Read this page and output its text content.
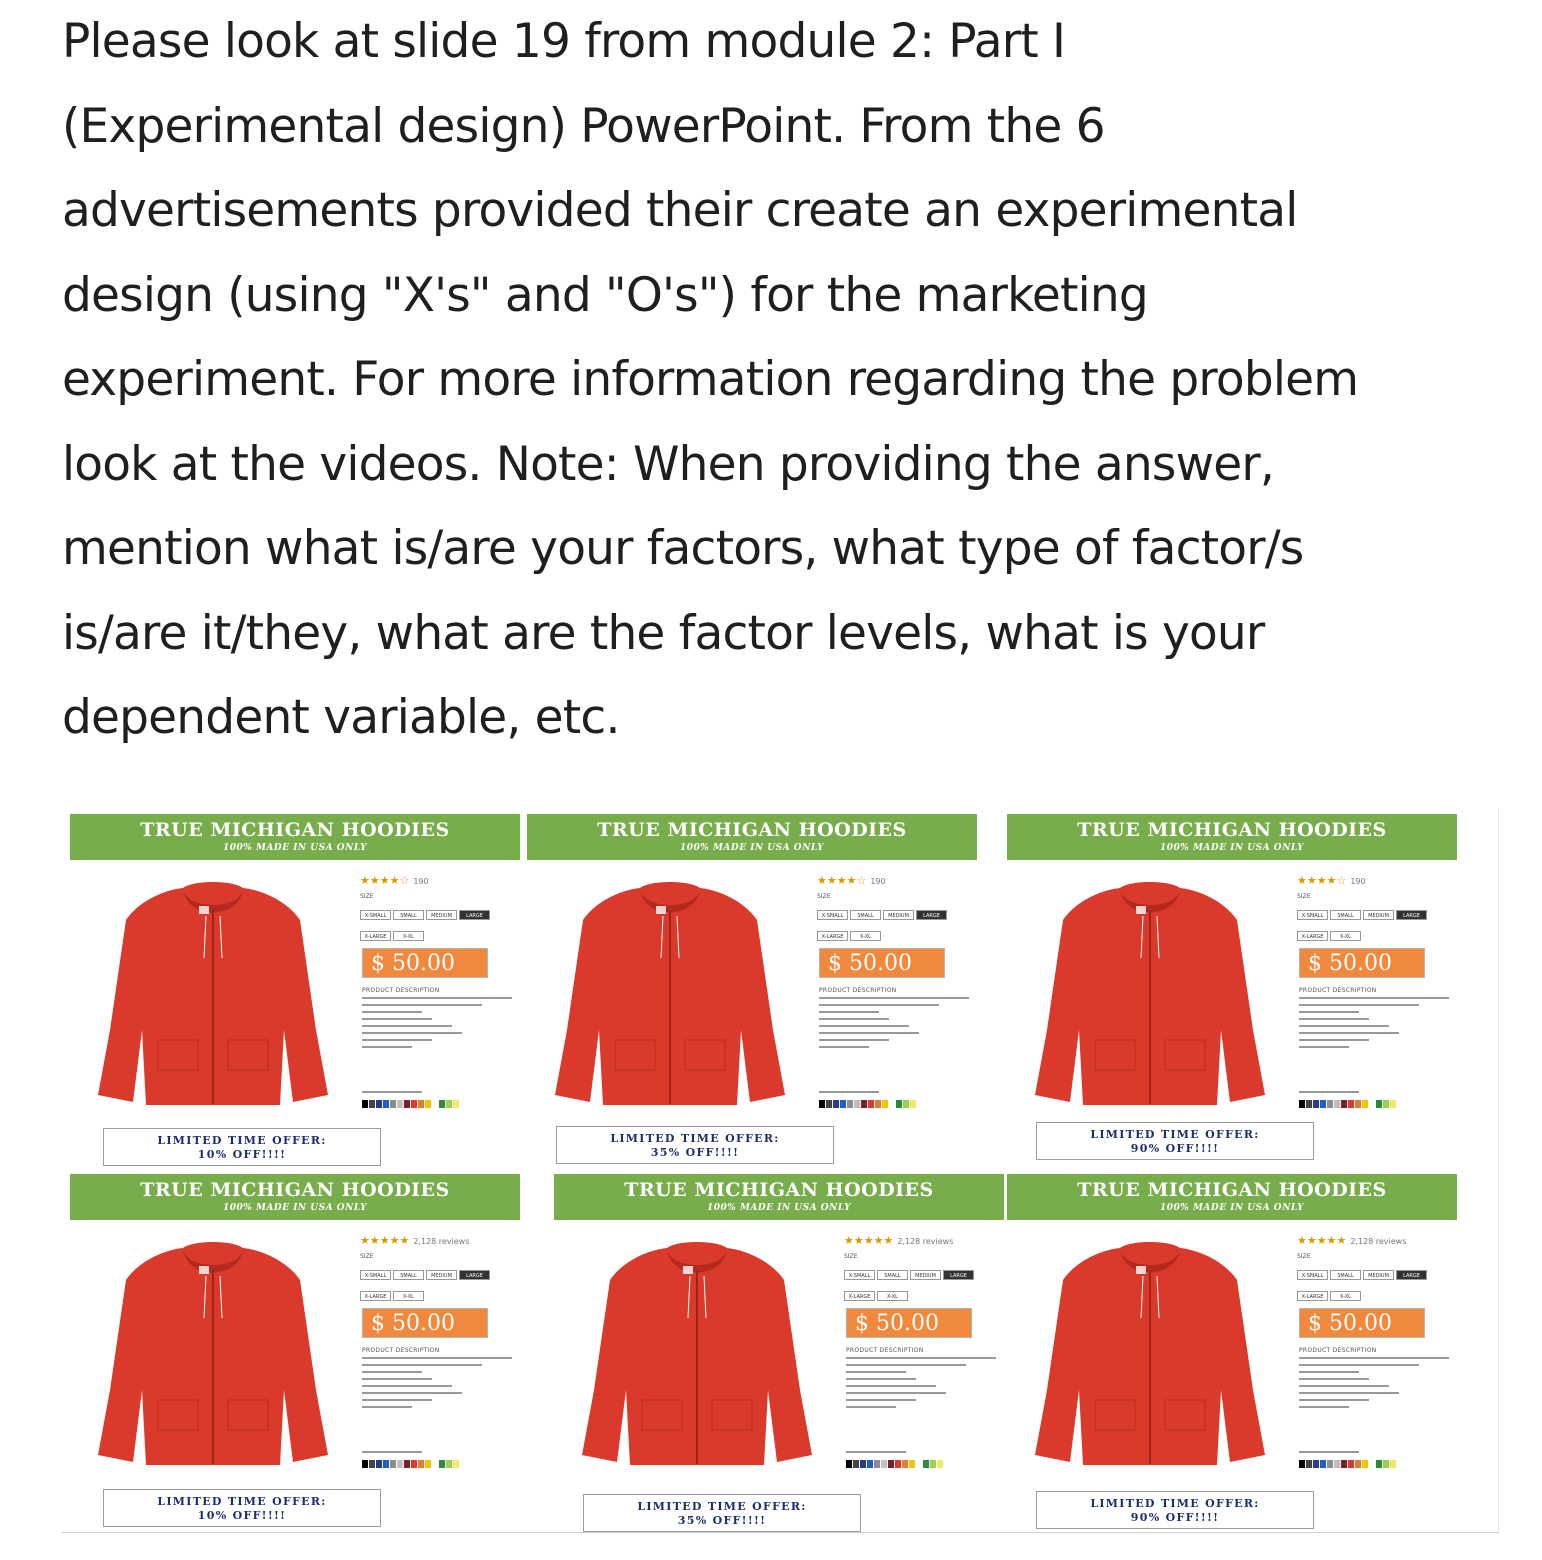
Please look at slide 19 from module 2: Part I
(Experimental design) PowerPoint. From the 6
advertisements provided their create an experimental
design (using "X's" and "O's") for the marketing
experiment. For more information regarding the problem
look at the videos. Note: When providing the answer,
mention what is/are your factors, what type of factor/s
is/are it/they, what are the factor levels, what is your
dependent variable, etc.
TRUE MICHIGAN HOODIES
100% MADE IN USA ONLY
★★★★☆ 190
SIZE
X-SMALL	SMALL	MEDIUM	LARGEX-LARGE	X-XL
$ 50.00
PRODUCT DESCRIPTION
LIMITED TIME OFFER:
10% OFF!!!!
TRUE MICHIGAN HOODIES
100% MADE IN USA ONLY
★★★★☆ 190
SIZE
X-SMALL	SMALL	MEDIUM	LARGEX-LARGE	X-XL
$ 50.00
PRODUCT DESCRIPTION
LIMITED TIME OFFER:
35% OFF!!!!
TRUE MICHIGAN HOODIES
100% MADE IN USA ONLY
★★★★☆ 190
SIZE
X-SMALL	SMALL	MEDIUM	LARGEX-LARGE	X-XL
$ 50.00
PRODUCT DESCRIPTION
LIMITED TIME OFFER:
90% OFF!!!!
TRUE MICHIGAN HOODIES
100% MADE IN USA ONLY
★★★★★ 2,128 reviews
SIZE
X-SMALL	SMALL	MEDIUM	LARGEX-LARGE	X-XL
$ 50.00
PRODUCT DESCRIPTION
LIMITED TIME OFFER:
10% OFF!!!!
TRUE MICHIGAN HOODIES
100% MADE IN USA ONLY
★★★★★ 2,128 reviews
SIZE
X-SMALL	SMALL	MEDIUM	LARGEX-LARGE	X-XL
$ 50.00
PRODUCT DESCRIPTION
LIMITED TIME OFFER:
35% OFF!!!!
TRUE MICHIGAN HOODIES
100% MADE IN USA ONLY
★★★★★ 2,128 reviews
SIZE
X-SMALL	SMALL	MEDIUM	LARGEX-LARGE	X-XL
$ 50.00
PRODUCT DESCRIPTION
LIMITED TIME OFFER:
90% OFF!!!!
